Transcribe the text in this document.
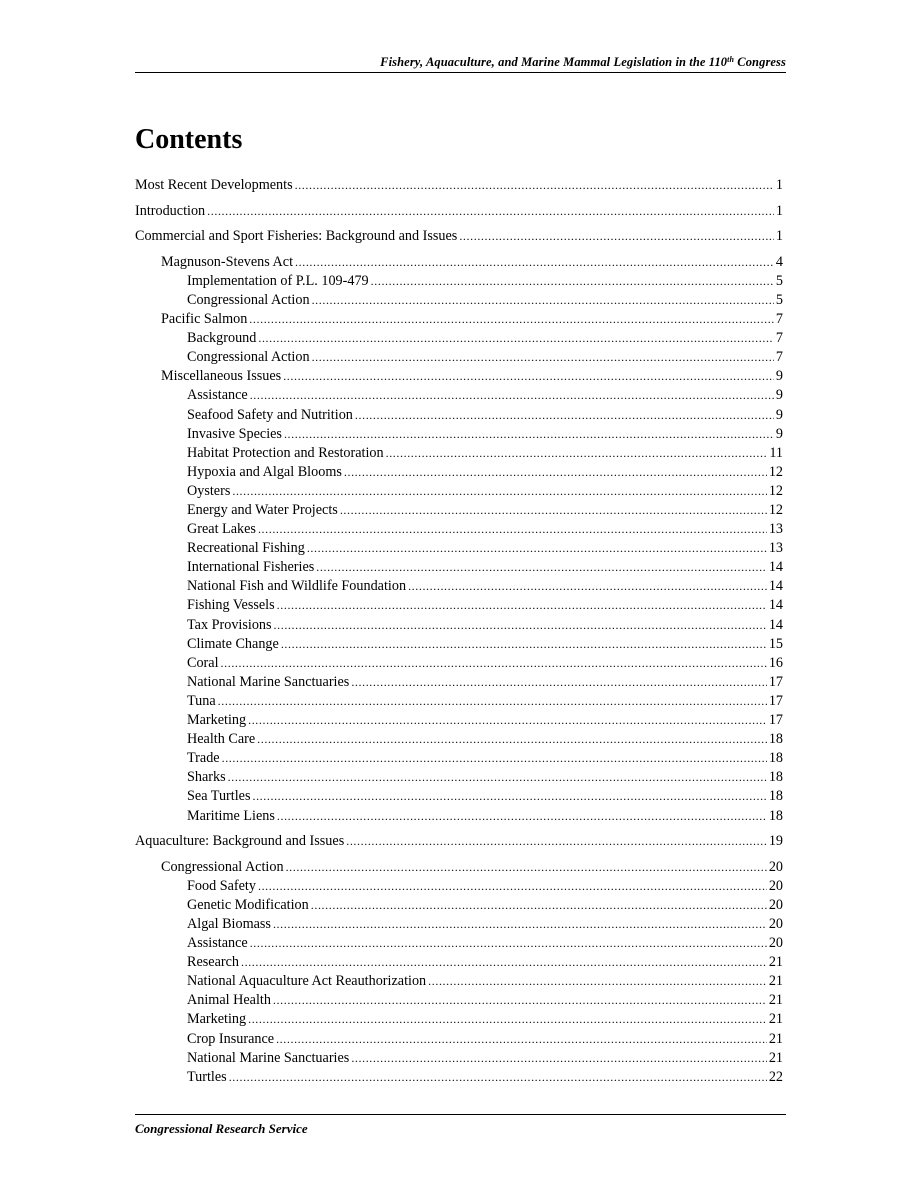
Fishery, Aquaculture, and Marine Mammal Legislation in the 110th Congress
Contents
Most Recent Developments .....	1
Introduction .....	1
Commercial and Sport Fisheries: Background and Issues .....	1
Magnuson-Stevens Act .....	4
Implementation of P.L. 109-479 .....	5
Congressional Action .....	5
Pacific Salmon .....	7
Background .....	7
Congressional Action .....	7
Miscellaneous Issues .....	9
Assistance .....	9
Seafood Safety and Nutrition .....	9
Invasive Species .....	9
Habitat Protection and Restoration .....	11
Hypoxia and Algal Blooms .....	12
Oysters .....	12
Energy and Water Projects .....	12
Great Lakes .....	13
Recreational Fishing .....	13
International Fisheries .....	14
National Fish and Wildlife Foundation .....	14
Fishing Vessels .....	14
Tax Provisions .....	14
Climate Change .....	15
Coral .....	16
National Marine Sanctuaries .....	17
Tuna .....	17
Marketing .....	17
Health Care .....	18
Trade .....	18
Sharks .....	18
Sea Turtles .....	18
Maritime Liens .....	18
Aquaculture: Background and Issues .....	19
Congressional Action .....	20
Food Safety .....	20
Genetic Modification .....	20
Algal Biomass .....	20
Assistance .....	20
Research .....	21
National Aquaculture Act Reauthorization .....	21
Animal Health .....	21
Marketing .....	21
Crop Insurance .....	21
National Marine Sanctuaries .....	21
Turtles .....	22
Congressional Research Service
